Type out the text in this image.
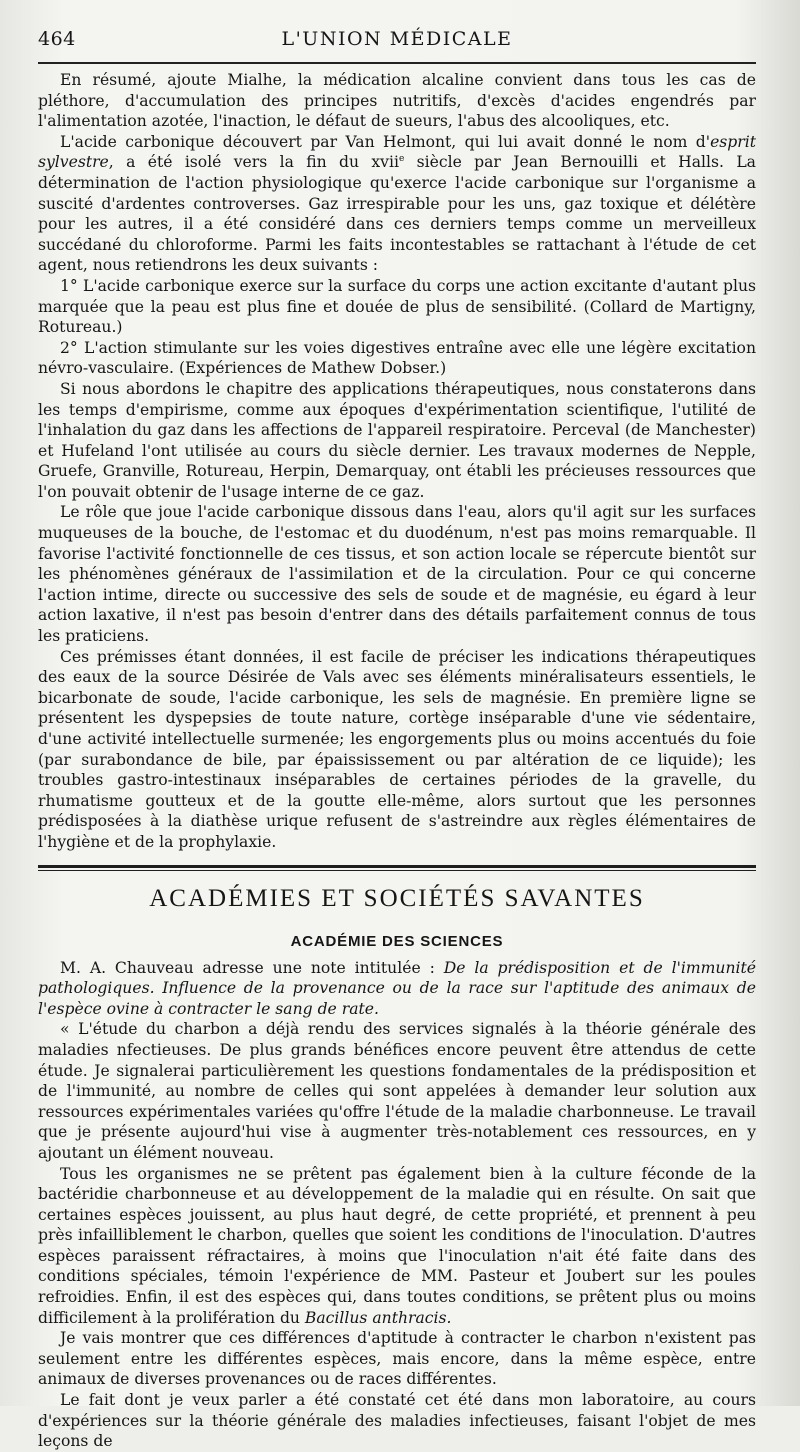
464	L'UNION MÉDICALE

En résumé, ajoute Mialhe, la médication alcaline convient dans tous les cas de pléthore, d'accumulation des principes nutritifs, d'excès d'acides engendrés par l'alimentation azotée, l'inaction, le défaut de sueurs, l'abus des alcooliques, etc.

L'acide carbonique découvert par Van Helmont, qui lui avait donné le nom d'esprit sylvestre, a été isolé vers la fin du xvii$^e$ siècle par Jean Bernouilli et Halls. La détermination de l'action physiologique qu'exerce l'acide carbonique sur l'organisme a suscité d'ardentes controverses. Gaz irrespirable pour les uns, gaz toxique et délétère pour les autres, il a été considéré dans ces derniers temps comme un merveilleux succédané du chloroforme. Parmi les faits incontestables se rattachant à l'étude de cet agent, nous retiendrons les deux suivants :

1° L'acide carbonique exerce sur la surface du corps une action excitante d'autant plus marquée que la peau est plus fine et douée de plus de sensibilité. (Collard de Martigny, Rotureau.)

2° L'action stimulante sur les voies digestives entraîne avec elle une légère excitation névro-vasculaire. (Expériences de Mathew Dobser.)

Si nous abordons le chapitre des applications thérapeutiques, nous constaterons dans les temps d'empirisme, comme aux époques d'expérimentation scientifique, l'utilité de l'inhalation du gaz dans les affections de l'appareil respiratoire. Perceval (de Manchester) et Hufeland l'ont utilisée au cours du siècle dernier. Les travaux modernes de Nepple, Gruefe, Granville, Rotureau, Herpin, Demarquay, ont établi les précieuses ressources que l'on pouvait obtenir de l'usage interne de ce gaz.

Le rôle que joue l'acide carbonique dissous dans l'eau, alors qu'il agit sur les surfaces muqueuses de la bouche, de l'estomac et du duodénum, n'est pas moins remarquable. Il favorise l'activité fonctionnelle de ces tissus, et son action locale se répercute bientôt sur les phénomènes généraux de l'assimilation et de la circulation. Pour ce qui concerne l'action intime, directe ou successive des sels de soude et de magnésie, eu égard à leur action laxative, il n'est pas besoin d'entrer dans des détails parfaitement connus de tous les praticiens.

Ces prémisses étant données, il est facile de préciser les indications thérapeutiques des eaux de la source Désirée de Vals avec ses éléments minéralisateurs essentiels, le bicarbonate de soude, l'acide carbonique, les sels de magnésie. En première ligne se présentent les dyspepsies de toute nature, cortège inséparable d'une vie sédentaire, d'une activité intellectuelle surmenée; les engorgements plus ou moins accentués du foie (par surabondance de bile, par épaississement ou par altération de ce liquide); les troubles gastro-intestinaux inséparables de certaines périodes de la gravelle, du rhumatisme goutteux et de la goutte elle-même, alors surtout que les personnes prédisposées à la diathèse urique refusent de s'astreindre aux règles élémentaires de l'hygiène et de la prophylaxie.

ACADÉMIES ET SOCIÉTÉS SAVANTES
ACADÉMIE DES SCIENCES

M. A. Chauveau adresse une note intitulée : De la prédisposition et de l'immunité pathologiques. Influence de la provenance ou de la race sur l'aptitude des animaux de l'espèce ovine à contracter le sang de rate.

« L'étude du charbon a déjà rendu des services signalés à la théorie générale des maladies nfectieuses. De plus grands bénéfices encore peuvent être attendus de cette étude. Je signalerai particulièrement les questions fondamentales de la prédisposition et de l'immunité, au nombre de celles qui sont appelées à demander leur solution aux ressources expérimentales variées qu'offre l'étude de la maladie charbonneuse. Le travail que je présente aujourd'hui vise à augmenter très-notablement ces ressources, en y ajoutant un élément nouveau.

Tous les organismes ne se prêtent pas également bien à la culture féconde de la bactéridie charbonneuse et au développement de la maladie qui en résulte. On sait que certaines espèces jouissent, au plus haut degré, de cette propriété, et prennent à peu près infailliblement le charbon, quelles que soient les conditions de l'inoculation. D'autres espèces paraissent réfractaires, à moins que l'inoculation n'ait été faite dans des conditions spéciales, témoin l'expérience de MM. Pasteur et Joubert sur les poules refroidies. Enfin, il est des espèces qui, dans toutes conditions, se prêtent plus ou moins difficilement à la prolifération du Bacillus anthracis.

Je vais montrer que ces différences d'aptitude à contracter le charbon n'existent pas seulement entre les différentes espèces, mais encore, dans la même espèce, entre animaux de diverses provenances ou de races différentes.

Le fait dont je veux parler a été constaté cet été dans mon laboratoire, au cours d'expériences sur la théorie générale des maladies infectieuses, faisant l'objet de mes leçons de
